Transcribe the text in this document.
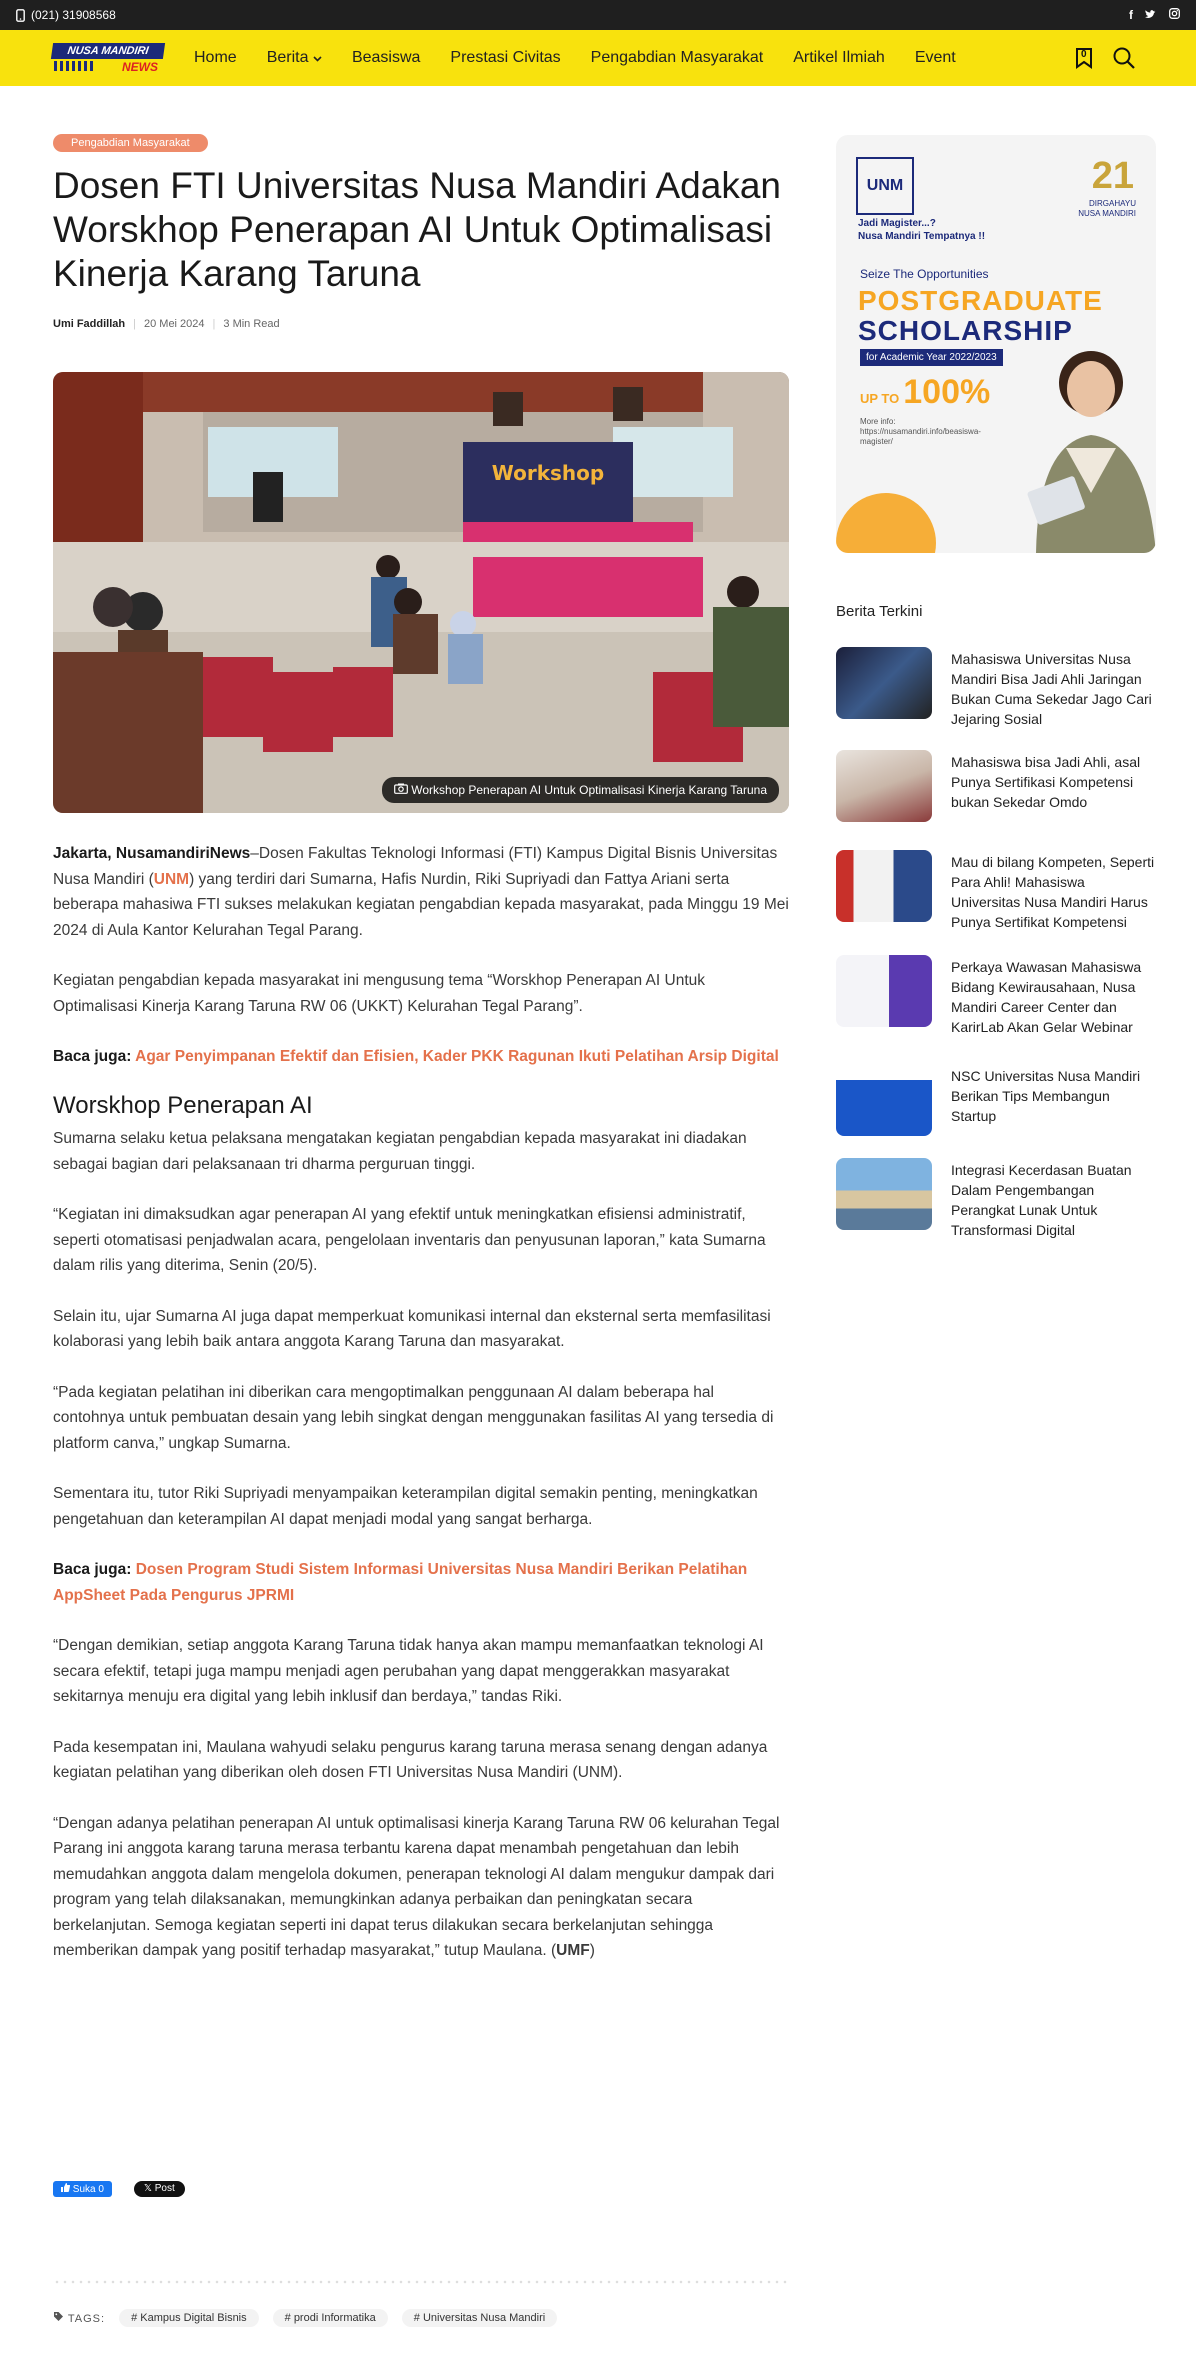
(021) 31908568	f
NUSA MANDIRI
NEWS
Home Berita	Beasiswa Prestasi Civitas Pengabdian Masyarakat Artikel Ilmiah Event	0
Pengabdian Masyarakat
Dosen FTI Universitas Nusa Mandiri Adakan Worskhop Penerapan AI Untuk Optimalisasi Kinerja Karang Taruna
Umi Faddillah | 20 Mei 2024 | 3 Min Read
Workshop
Workshop Penerapan AI Untuk Optimalisasi Kinerja Karang Taruna

Jakarta, NusamandiriNews–Dosen Fakultas Teknologi Informasi (FTI) Kampus Digital Bisnis Universitas Nusa Mandiri (UNM) yang terdiri dari Sumarna, Hafis Nurdin, Riki Supriyadi dan Fattya Ariani serta beberapa mahasiwa FTI sukses melakukan kegiatan pengabdian kepada masyarakat, pada Minggu 19 Mei 2024 di Aula Kantor Kelurahan Tegal Parang.

Kegiatan pengabdian kepada masyarakat ini mengusung tema “Worskhop Penerapan AI Untuk Optimalisasi Kinerja Karang Taruna RW 06 (UKKT) Kelurahan Tegal Parang”.

Baca juga: Agar Penyimpanan Efektif dan Efisien, Kader PKK Ragunan Ikuti Pelatihan Arsip Digital

Worskhop Penerapan AI

Sumarna selaku ketua pelaksana mengatakan kegiatan pengabdian kepada masyarakat ini diadakan sebagai bagian dari pelaksanaan tri dharma perguruan tinggi.

“Kegiatan ini dimaksudkan agar penerapan AI yang efektif untuk meningkatkan efisiensi administratif, seperti otomatisasi penjadwalan acara, pengelolaan inventaris dan penyusunan laporan,” kata Sumarna dalam rilis yang diterima, Senin (20/5).

Selain itu, ujar Sumarna AI juga dapat memperkuat komunikasi internal dan eksternal serta memfasilitasi kolaborasi yang lebih baik antara anggota Karang Taruna dan masyarakat.

“Pada kegiatan pelatihan ini diberikan cara mengoptimalkan penggunaan AI dalam beberapa hal contohnya untuk pembuatan desain yang lebih singkat dengan menggunakan fasilitas AI yang tersedia di platform canva,” ungkap Sumarna.

Sementara itu, tutor Riki Supriyadi menyampaikan keterampilan digital semakin penting, meningkatkan pengetahuan dan keterampilan AI dapat menjadi modal yang sangat berharga.

Baca juga: Dosen Program Studi Sistem Informasi Universitas Nusa Mandiri Berikan Pelatihan AppSheet Pada Pengurus JPRMI

“Dengan demikian, setiap anggota Karang Taruna tidak hanya akan mampu memanfaatkan teknologi AI secara efektif, tetapi juga mampu menjadi agen perubahan yang dapat menggerakkan masyarakat sekitarnya menuju era digital yang lebih inklusif dan berdaya,” tandas Riki.

Pada kesempatan ini, Maulana wahyudi selaku pengurus karang taruna merasa senang dengan adanya kegiatan pelatihan yang diberikan oleh dosen FTI Universitas Nusa Mandiri (UNM).

“Dengan adanya pelatihan penerapan AI untuk optimalisasi kinerja Karang Taruna RW 06 kelurahan Tegal Parang ini anggota karang taruna merasa terbantu karena dapat menambah pengetahuan dan lebih memudahkan anggota dalam mengelola dokumen, penerapan teknologi AI dalam mengukur dampak dari program yang telah dilaksanakan, memungkinkan adanya perbaikan dan peningkatan secara berkelanjutan. Semoga kegiatan seperti ini dapat terus dilakukan secara berkelanjutan sehingga memberikan dampak yang positif terhadap masyarakat,” tutup Maulana. (UMF)

Suka 0	𝕏 Post
TAGS:	# Kampus Digital Bisnis	# prodi Informatika	# Universitas Nusa Mandiri
UNM	21
DIRGAHAYU
NUSA MANDIRI
Jadi Magister...?
Nusa Mandiri Tempatnya !!
Seize The Opportunities
POSTGRADUATE
SCHOLARSHIP
for Academic Year 2022/2023
UP TO 100%
More info:
https://nusamandiri.info/beasiswa-magister/
Berita Terkini
Mahasiswa Universitas Nusa Mandiri Bisa Jadi Ahli Jaringan Bukan Cuma Sekedar Jago Cari Jejaring Sosial
Mahasiswa bisa Jadi Ahli, asal Punya Sertifikasi Kompetensi bukan Sekedar Omdo
Mau di bilang Kompeten, Seperti Para Ahli! Mahasiswa Universitas Nusa Mandiri Harus Punya Sertifikat Kompetensi
Perkaya Wawasan Mahasiswa Bidang Kewirausahaan, Nusa Mandiri Career Center dan KarirLab Akan Gelar Webinar
NSC Universitas Nusa Mandiri Berikan Tips Membangun Startup
Integrasi Kecerdasan Buatan Dalam Pengembangan Perangkat Lunak Untuk Transformasi Digital
